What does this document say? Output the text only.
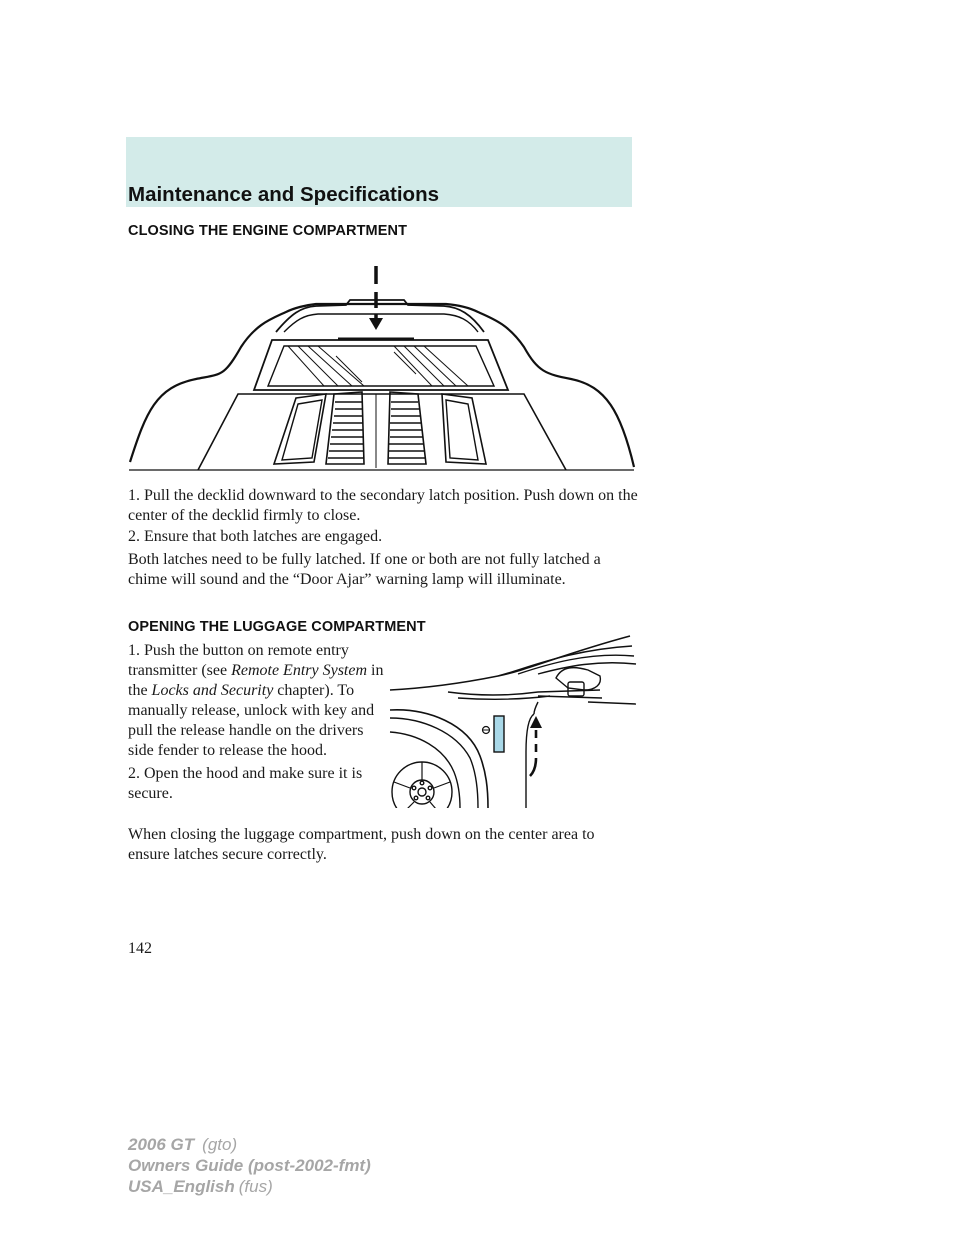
Maintenance and Specifications
CLOSING THE ENGINE COMPARTMENT

1. Pull the decklid downward to the secondary latch position. Push down on the center of the decklid firmly to close.

2. Ensure that both latches are engaged.

Both latches need to be fully latched. If one or both are not fully latched a chime will sound and the “Door Ajar” warning lamp will illuminate.

OPENING THE LUGGAGE COMPARTMENT

1. Push the button on remote entry transmitter (see Remote Entry System in the Locks and Security chapter). To manually release, unlock with key and pull the release handle on the drivers side fender to release the hood.

2. Open the hood and make sure it is secure.

When closing the luggage compartment, push down on the center area to ensure latches secure correctly.

142
2006 GT (gto)
Owners Guide (post-2002-fmt)
USA_English (fus)
